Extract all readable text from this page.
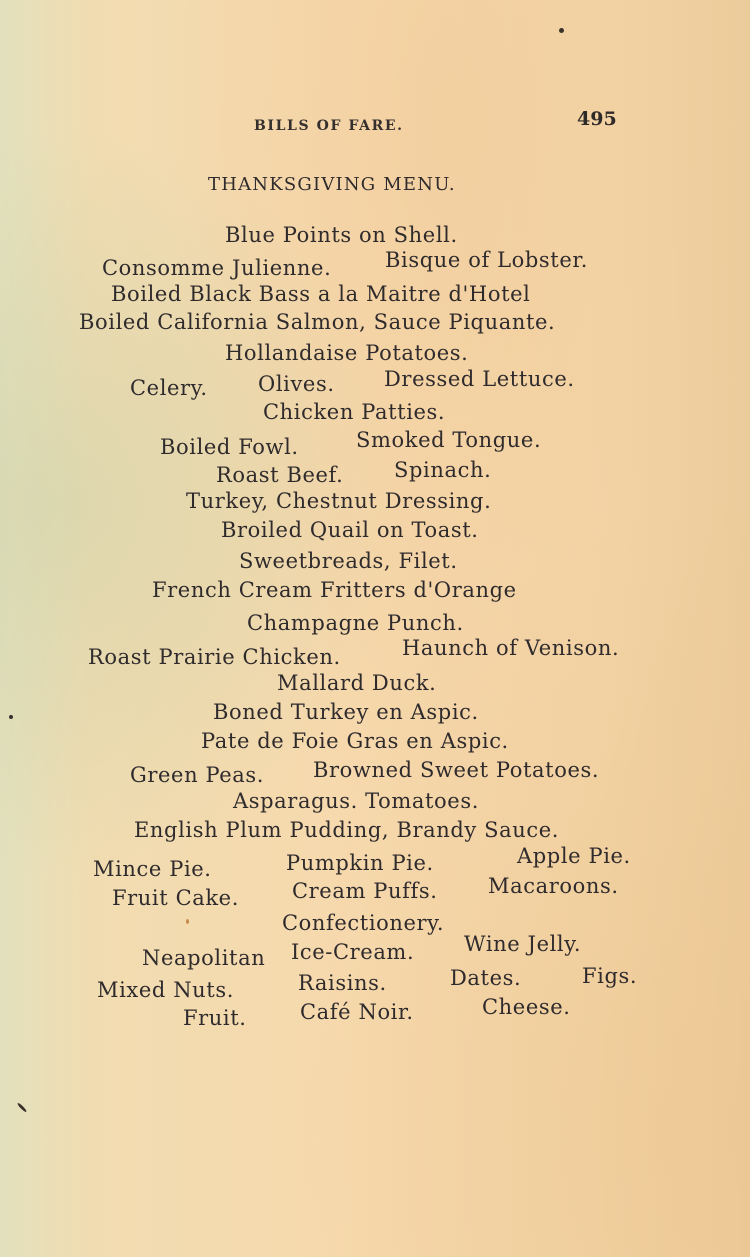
BILLS OF FARE.	495
THANKSGIVING MENU.
Blue Points on Shell.
Consomme Julienne.	Bisque of Lobster.
Boiled Black Bass a la Maitre d'Hotel
Boiled California Salmon, Sauce Piquante.
Hollandaise Potatoes.
Celery. Olives. Dressed Lettuce.
Chicken Patties.
Boiled Fowl.	Smoked Tongue.
Roast Beef. Spinach.
Turkey, Chestnut Dressing.
Broiled Quail on Toast.
Sweetbreads, Filet.
French Cream Fritters d'Orange
Champagne Punch.
Roast Prairie Chicken.	Haunch of Venison.
Mallard Duck.
Boned Turkey en Aspic.
Pate de Foie Gras en Aspic.
Green Peas. Browned Sweet Potatoes.
Asparagus. Tomatoes.
English Plum Pudding, Brandy Sauce.
Mince Pie.	Pumpkin Pie.	Apple Pie.
Fruit Cake.	Cream Puffs. Macaroons.
Confectionery.
Neapolitan Ice-Cream. Wine Jelly.
Mixed Nuts.	Raisins.	Dates.	Figs.
Fruit.	Café Noir.	Cheese.
